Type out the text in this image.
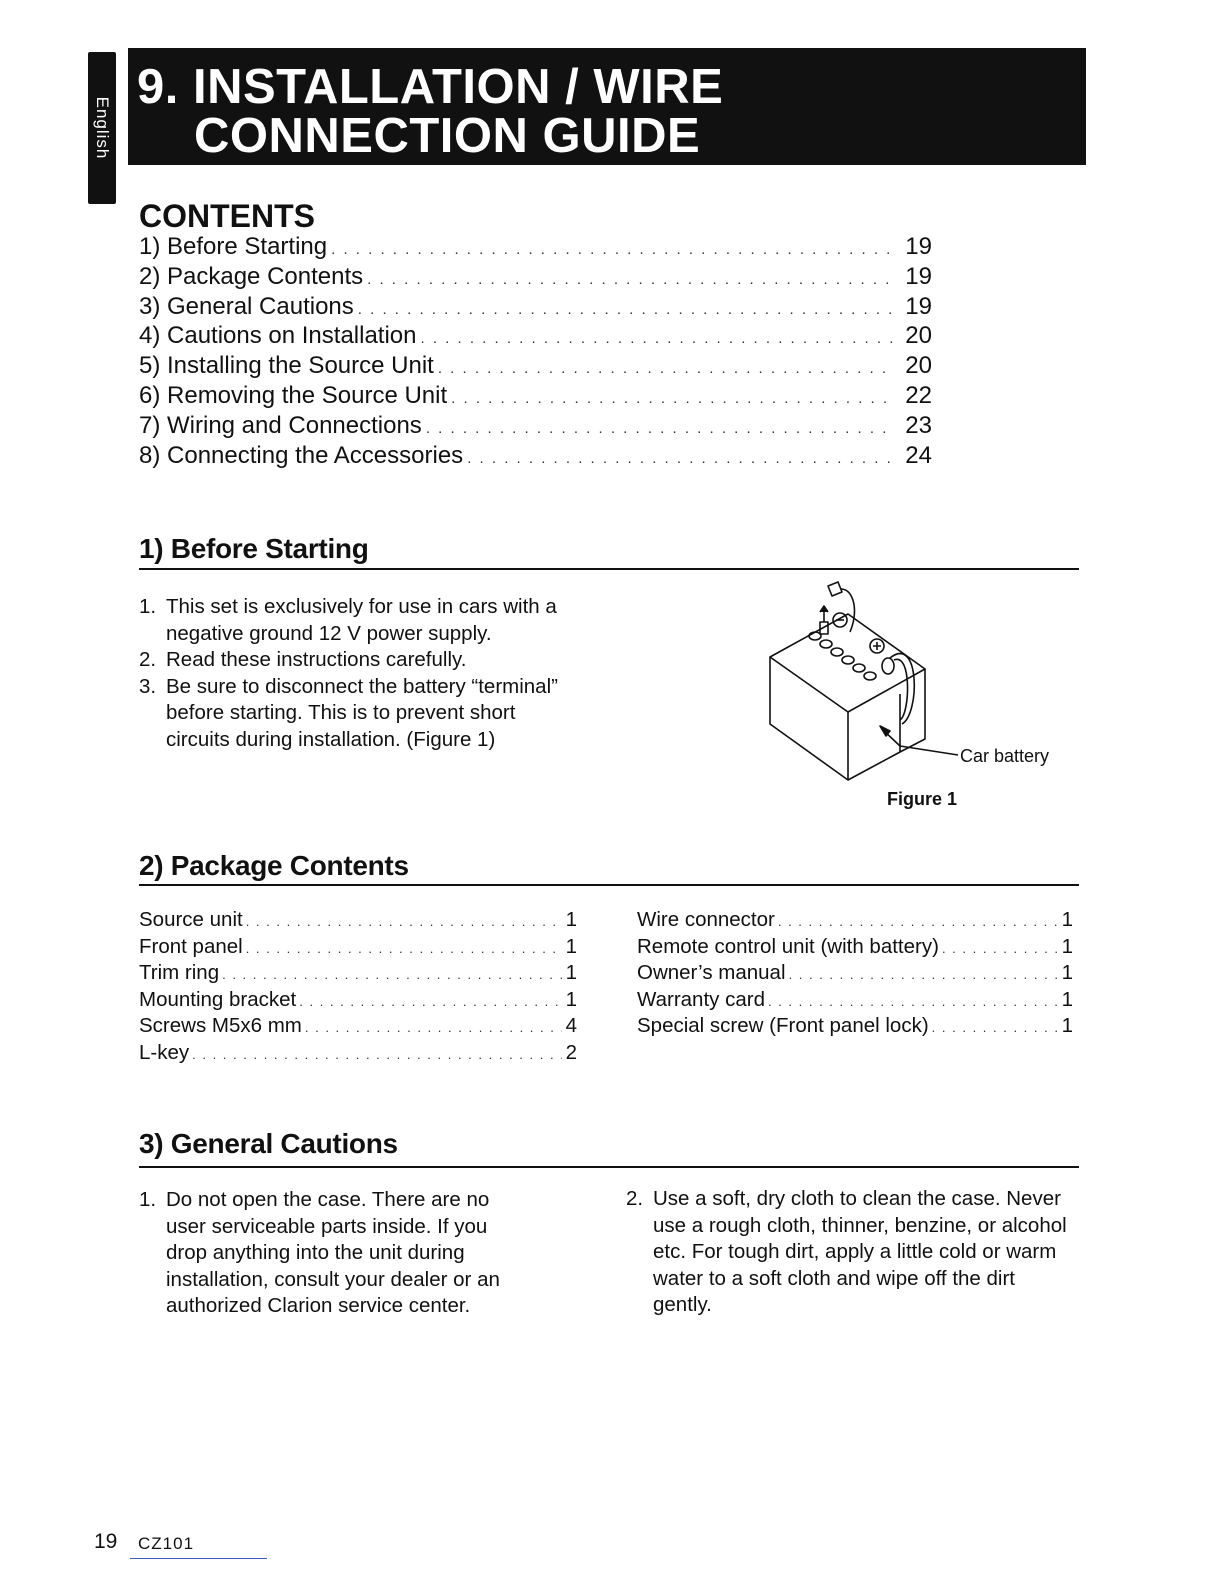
English
9. INSTALLATION / WIRE
CONNECTION GUIDE
CONTENTS
1) Before Starting . . .	19
2) Package Contents . . .	19
3) General Cautions . . .	19
4) Cautions on Installation . . .	20
5) Installing the Source Unit . . .	20
6) Removing the Source Unit . . .	22
7) Wiring and Connections . . .	23
8) Connecting the Accessories . . .	24
1) Before Starting
1. This set is exclusively for use in cars with a negative ground 12 V power supply.
2. Read these instructions carefully.
3. Be sure to disconnect the battery “terminal” before starting. This is to prevent short circuits during installation. (Figure 1)
Car battery
Figure 1
2) Package Contents
Source unit . . .	1
Front panel . . .	1
Trim ring . . .	1
Mounting bracket . . .	1
Screws M5x6 mm . . .	4
L-key . . .	2
Wire connector . . .	1
Remote control unit (with battery) . . .	1
Owner’s manual . . .	1
Warranty card . . .	1
Special screw (Front panel lock) . . .	1
3) General Cautions
1. Do not open the case. There are no user serviceable parts inside. If you drop anything into the unit during installation, consult your dealer or an authorized Clarion service center.
2. Use a soft, dry cloth to clean the case. Never use a rough cloth, thinner, benzine, or alcohol etc. For tough dirt, apply a little cold or warm water to a soft cloth and wipe off the dirt gently.
19 CZ101
